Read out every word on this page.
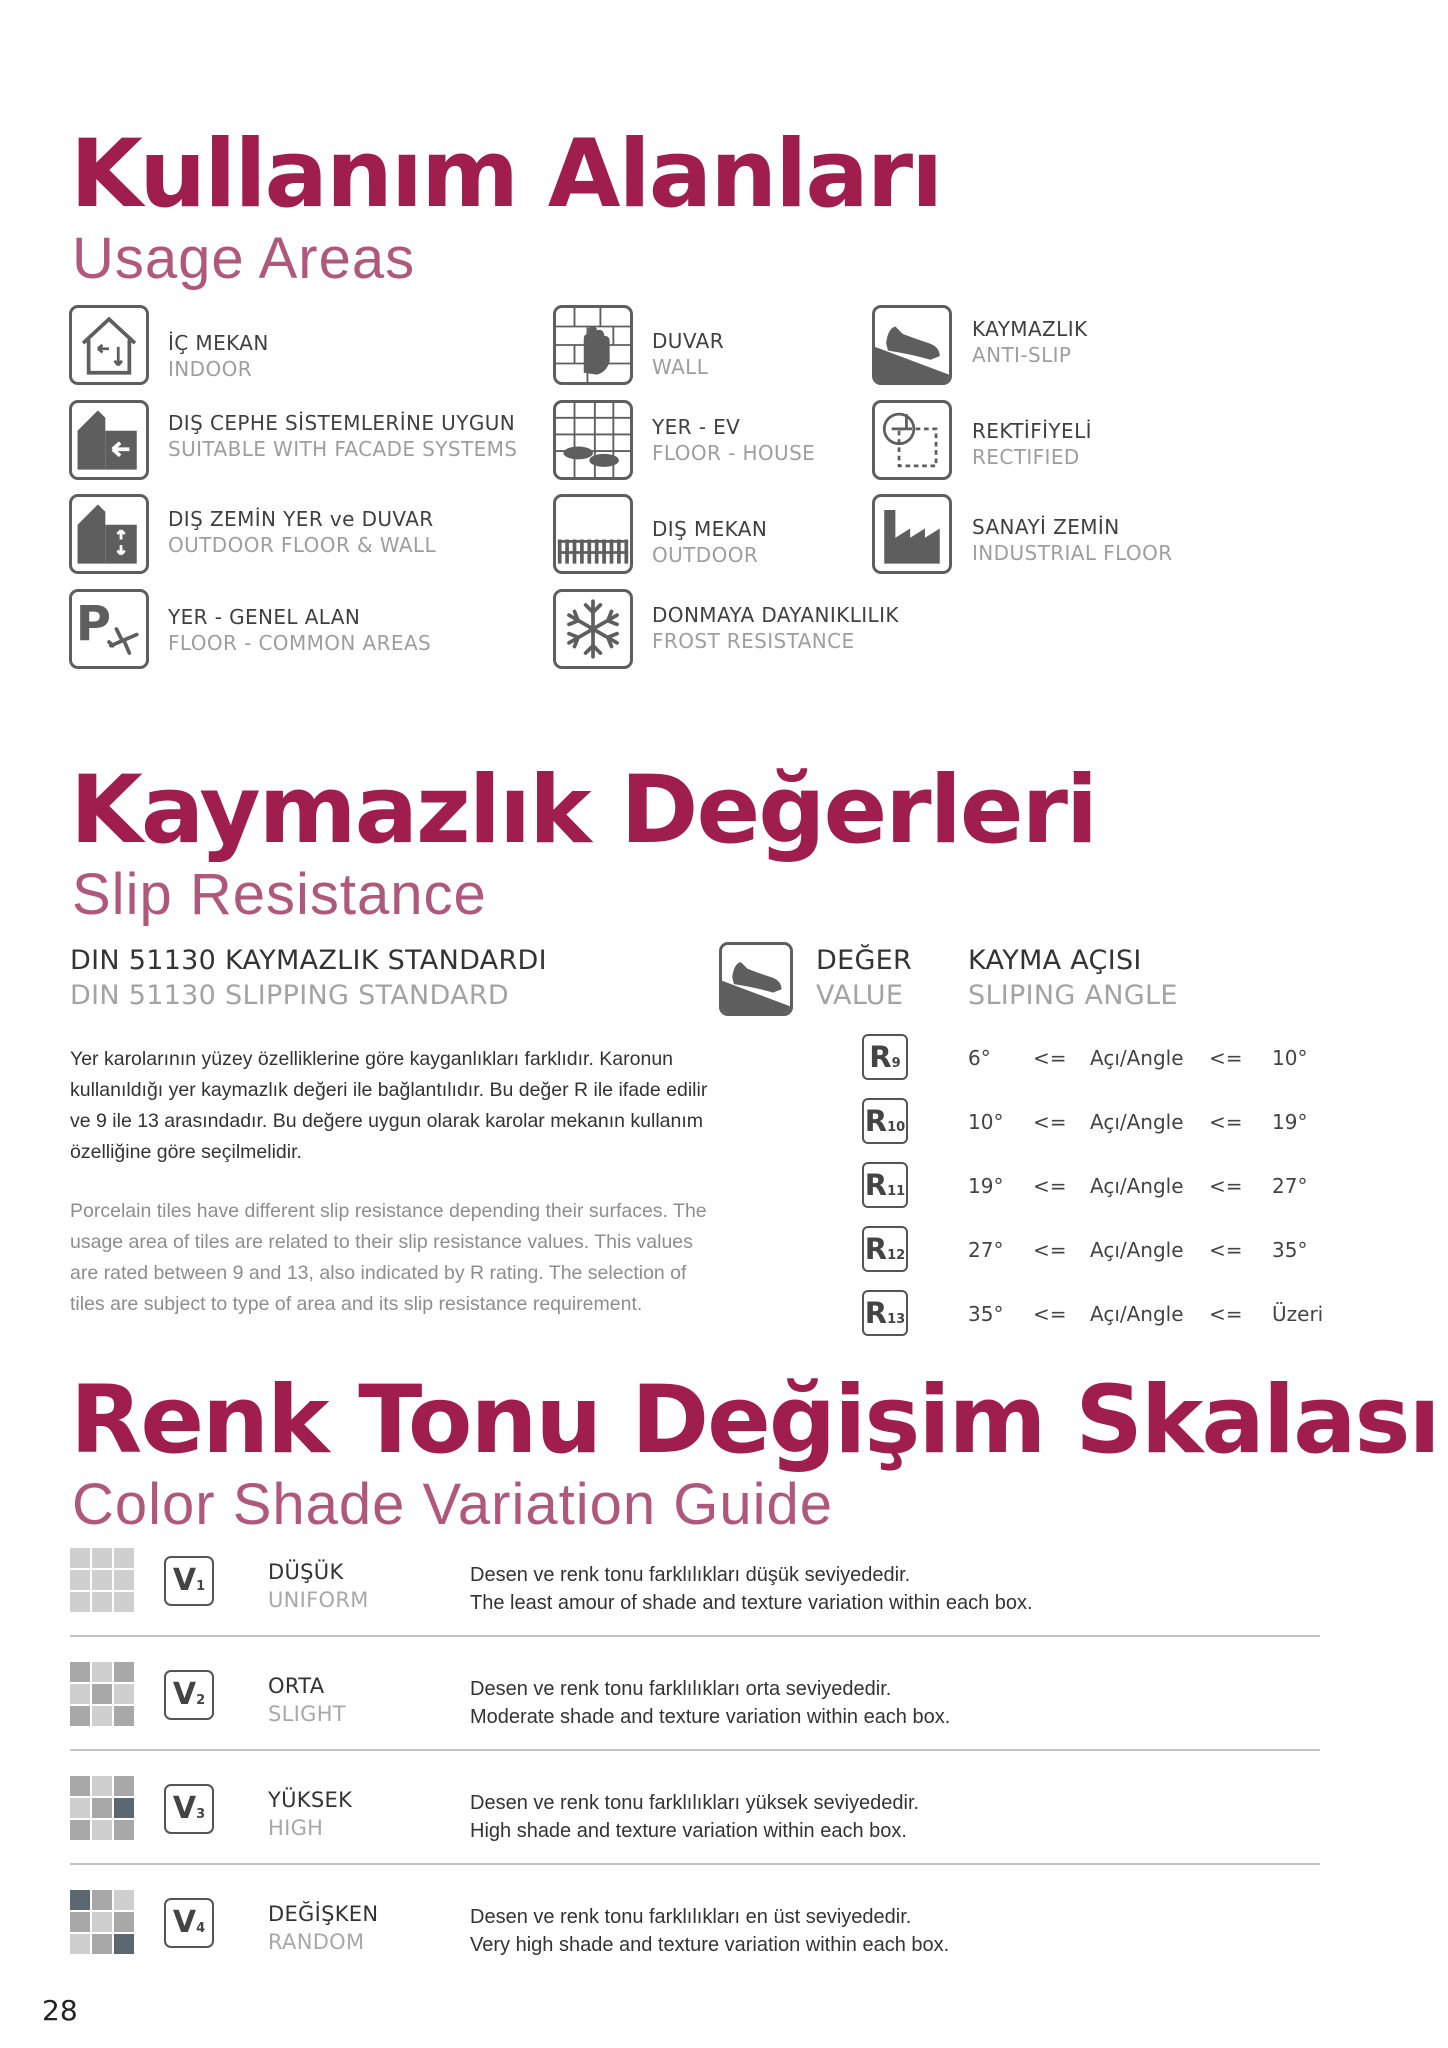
Kullanım Alanları
Usage Areas
İÇ MEKAN
INDOOR
DIŞ CEPHE SİSTEMLERİNE UYGUN
SUITABLE WITH FACADE SYSTEMS
DIŞ ZEMİN YER ve DUVAR
OUTDOOR FLOOR & WALL
P	YER - GENEL ALAN
FLOOR - COMMON AREAS
DUVAR
WALL
YER - EV
FLOOR - HOUSE
DIŞ MEKAN
OUTDOOR
DONMAYA DAYANIKLILIK
FROST RESISTANCE
KAYMAZLIK
ANTI-SLIP
REKTİFİYELİ
RECTIFIED
SANAYİ ZEMİN
INDUSTRIAL FLOOR
Kaymazlık Değerleri
Slip Resistance
DIN 51130 KAYMAZLIK STANDARDI
DIN 51130 SLIPPING STANDARD
Yer karolarının yüzey özelliklerine göre kayganlıkları farklıdır. Karonun kullanıldığı yer kaymazlık değeri ile bağlantılıdır. Bu değer R ile ifade edilir ve 9 ile 13 arasındadır. Bu değere uygun olarak karolar mekanın kullanım özelliğine göre seçilmelidir.
Porcelain tiles have different slip resistance depending their surfaces. The usage area of tiles are related to their slip resistance values. This values are rated between 9 and 13, also indicated by R rating. The selection of tiles are subject to type of area and its slip resistance requirement.
DEĞER
VALUE
KAYMA AÇISI
SLIPING ANGLE
R9	6° <= Açı/Angle <= 10°
R10	10° <= Açı/Angle <= 19°
R11	19° <= Açı/Angle <= 27°
R12	27° <= Açı/Angle <= 35°
R13	35° <= Açı/Angle <= Üzeri
Renk Tonu Değişim Skalası
Color Shade Variation Guide
V1
DÜŞÜK
UNIFORM
Desen ve renk tonu farklılıkları düşük seviyededir.
The least amour of shade and texture variation within each box.
V2
ORTA
SLIGHT
Desen ve renk tonu farklılıkları orta seviyededir.
Moderate shade and texture variation within each box.
V3
YÜKSEK
HIGH
Desen ve renk tonu farklılıkları yüksek seviyededir.
High shade and texture variation within each box.
V4
DEĞİŞKEN
RANDOM
Desen ve renk tonu farklılıkları en üst seviyededir.
Very high shade and texture variation within each box.
28
